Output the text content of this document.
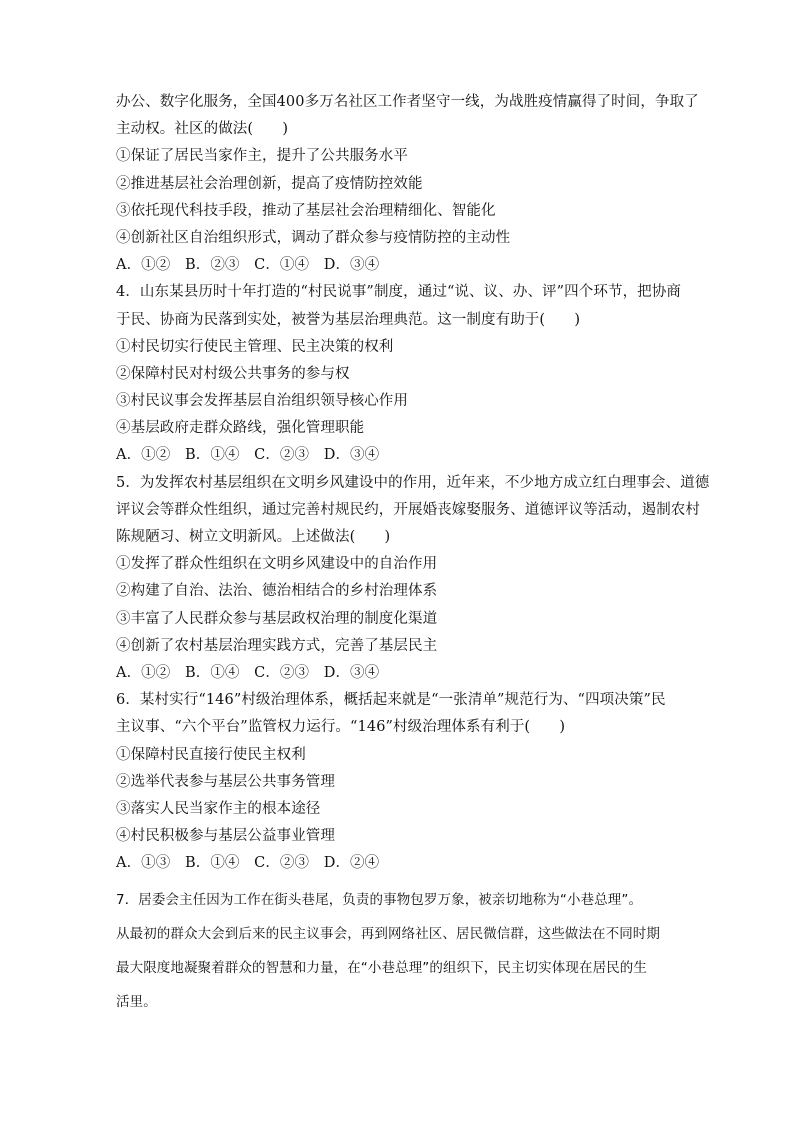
办公、数字化服务，全国400多万名社区工作者坚守一线，为战胜疫情赢得了时间，争取了
主动权。社区的做法(　　)
①保证了居民当家作主，提升了公共服务水平
②推进基层社会治理创新，提高了疫情防控效能
③依托现代科技手段，推动了基层社会治理精细化、智能化
④创新社区自治组织形式，调动了群众参与疫情防控的主动性
A．①②　B．②③　C．①④　D．③④
4．山东某县历时十年打造的“村民说事”制度，通过“说、议、办、评”四个环节，把协商
于民、协商为民落到实处，被誉为基层治理典范。这一制度有助于(　　)
①村民切实行使民主管理、民主决策的权利
②保障村民对村级公共事务的参与权
③村民议事会发挥基层自治组织领导核心作用
④基层政府走群众路线，强化管理职能
A．①②　B．①④　C．②③　D．③④
5．为发挥农村基层组织在文明乡风建设中的作用，近年来，不少地方成立红白理事会、道德
评议会等群众性组织，通过完善村规民约，开展婚丧嫁娶服务、道德评议等活动，遏制农村
陈规陋习、树立文明新风。上述做法(　　)
①发挥了群众性组织在文明乡风建设中的自治作用
②构建了自治、法治、德治相结合的乡村治理体系
③丰富了人民群众参与基层政权治理的制度化渠道
④创新了农村基层治理实践方式，完善了基层民主
A．①②　B．①④　C．②③　D．③④
6．某村实行“146”村级治理体系，概括起来就是“一张清单”规范行为、“四项决策”民
主议事、“六个平台”监管权力运行。“146”村级治理体系有利于(　　)
①保障村民直接行使民主权利
②选举代表参与基层公共事务管理
③落实人民当家作主的根本途径
④村民积极参与基层公益事业管理
A．①③　B．①④　C．②③　D．②④
7．居委会主任因为工作在街头巷尾，负责的事物包罗万象，被亲切地称为“小巷总理”。
从最初的群众大会到后来的民主议事会，再到网络社区、居民微信群，这些做法在不同时期
最大限度地凝聚着群众的智慧和力量，在“小巷总理”的组织下，民主切实体现在居民的生
活里。
